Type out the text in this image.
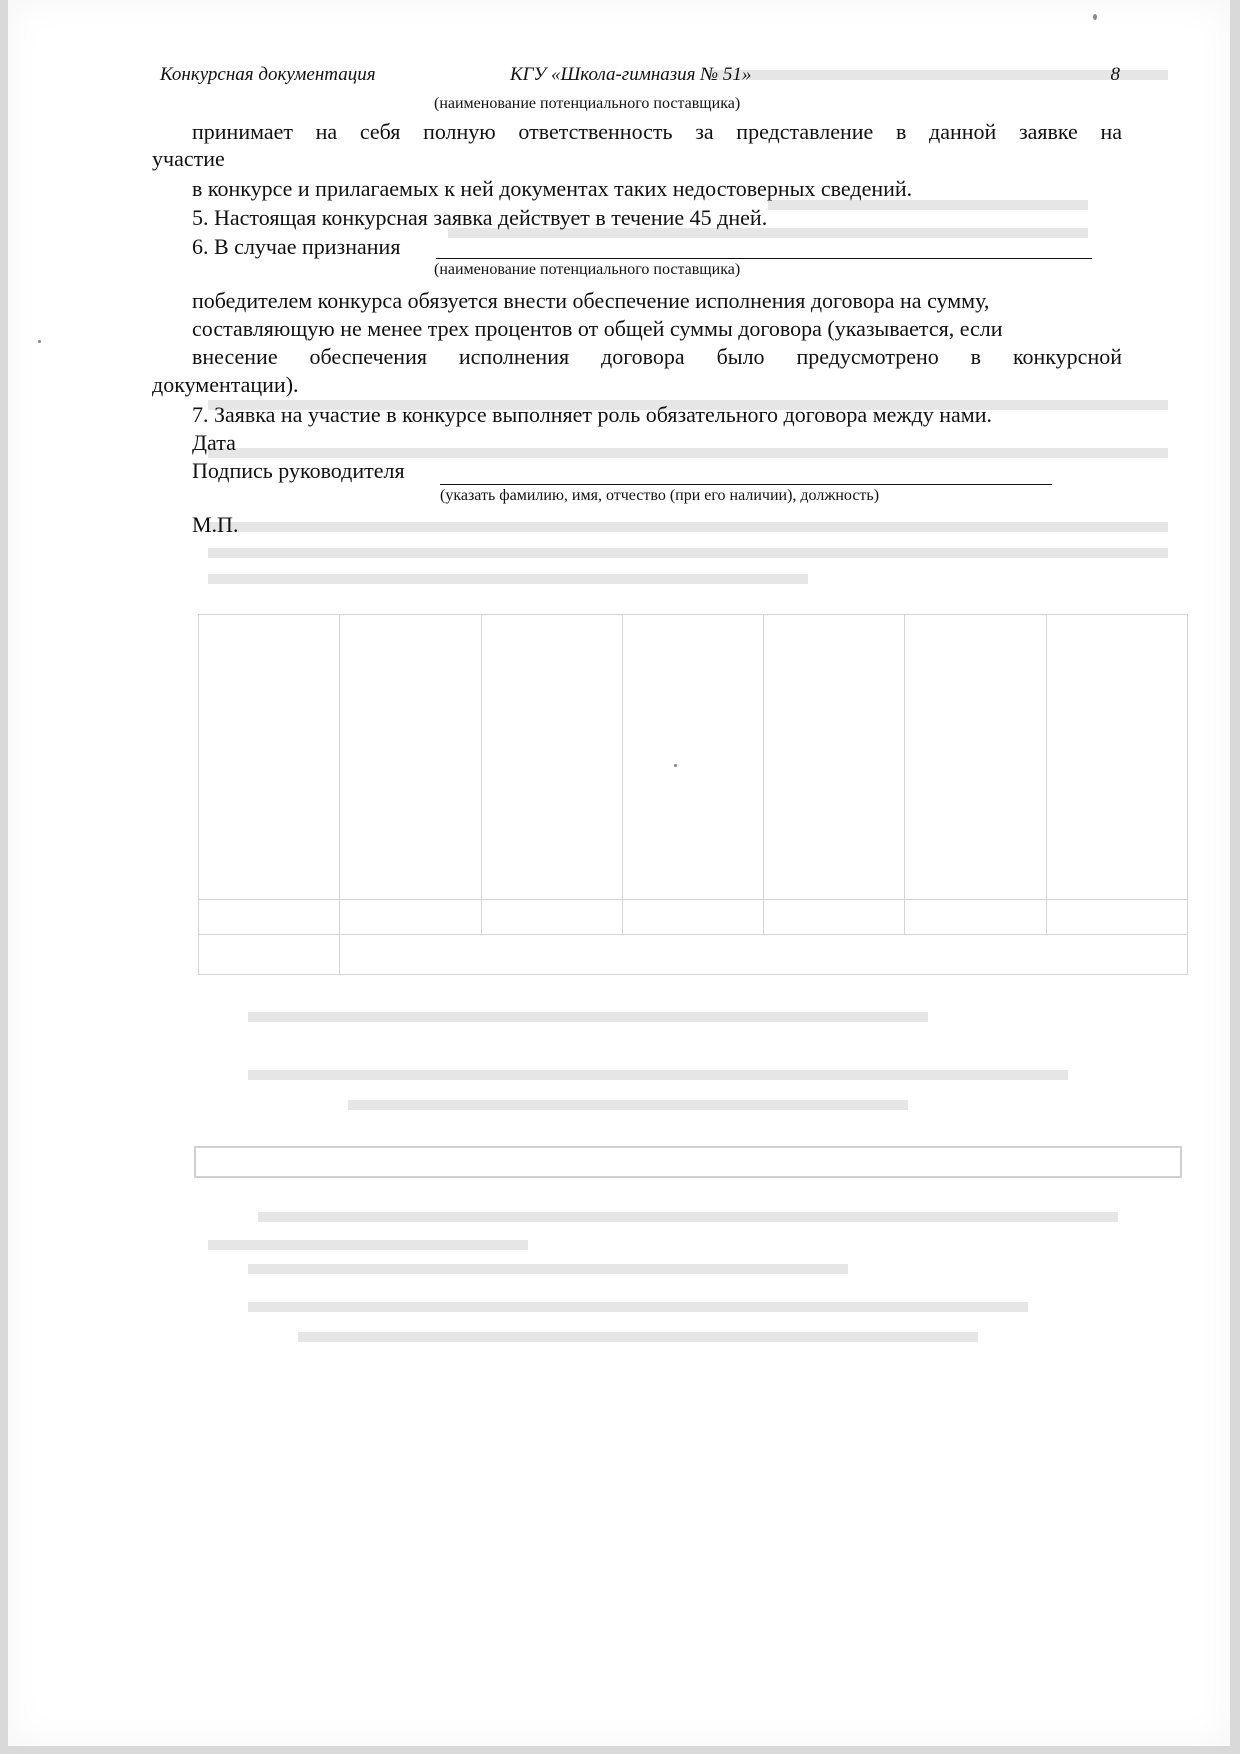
Конкурсная документация	КГУ «Школа-гимназия № 51»	8
(наименование потенциального поставщика)
принимает на себя полную ответственность за представление в данной заявке на
участие
в конкурсе и прилагаемых к ней документах таких недостоверных сведений.
5. Настоящая конкурсная заявка действует в течение 45 дней.
6. В случае признания
(наименование потенциального поставщика)
победителем конкурса обязуется внести обеспечение исполнения договора на сумму,
составляющую не менее трех процентов от общей суммы договора (указывается, если
внесение обеспечения исполнения договора было предусмотрено в конкурсной
документации).
7. Заявка на участие в конкурсе выполняет роль обязательного договора между нами.
Дата
Подпись руководителя
(указать фамилию, имя, отчество (при его наличии), должность)
М.П.
